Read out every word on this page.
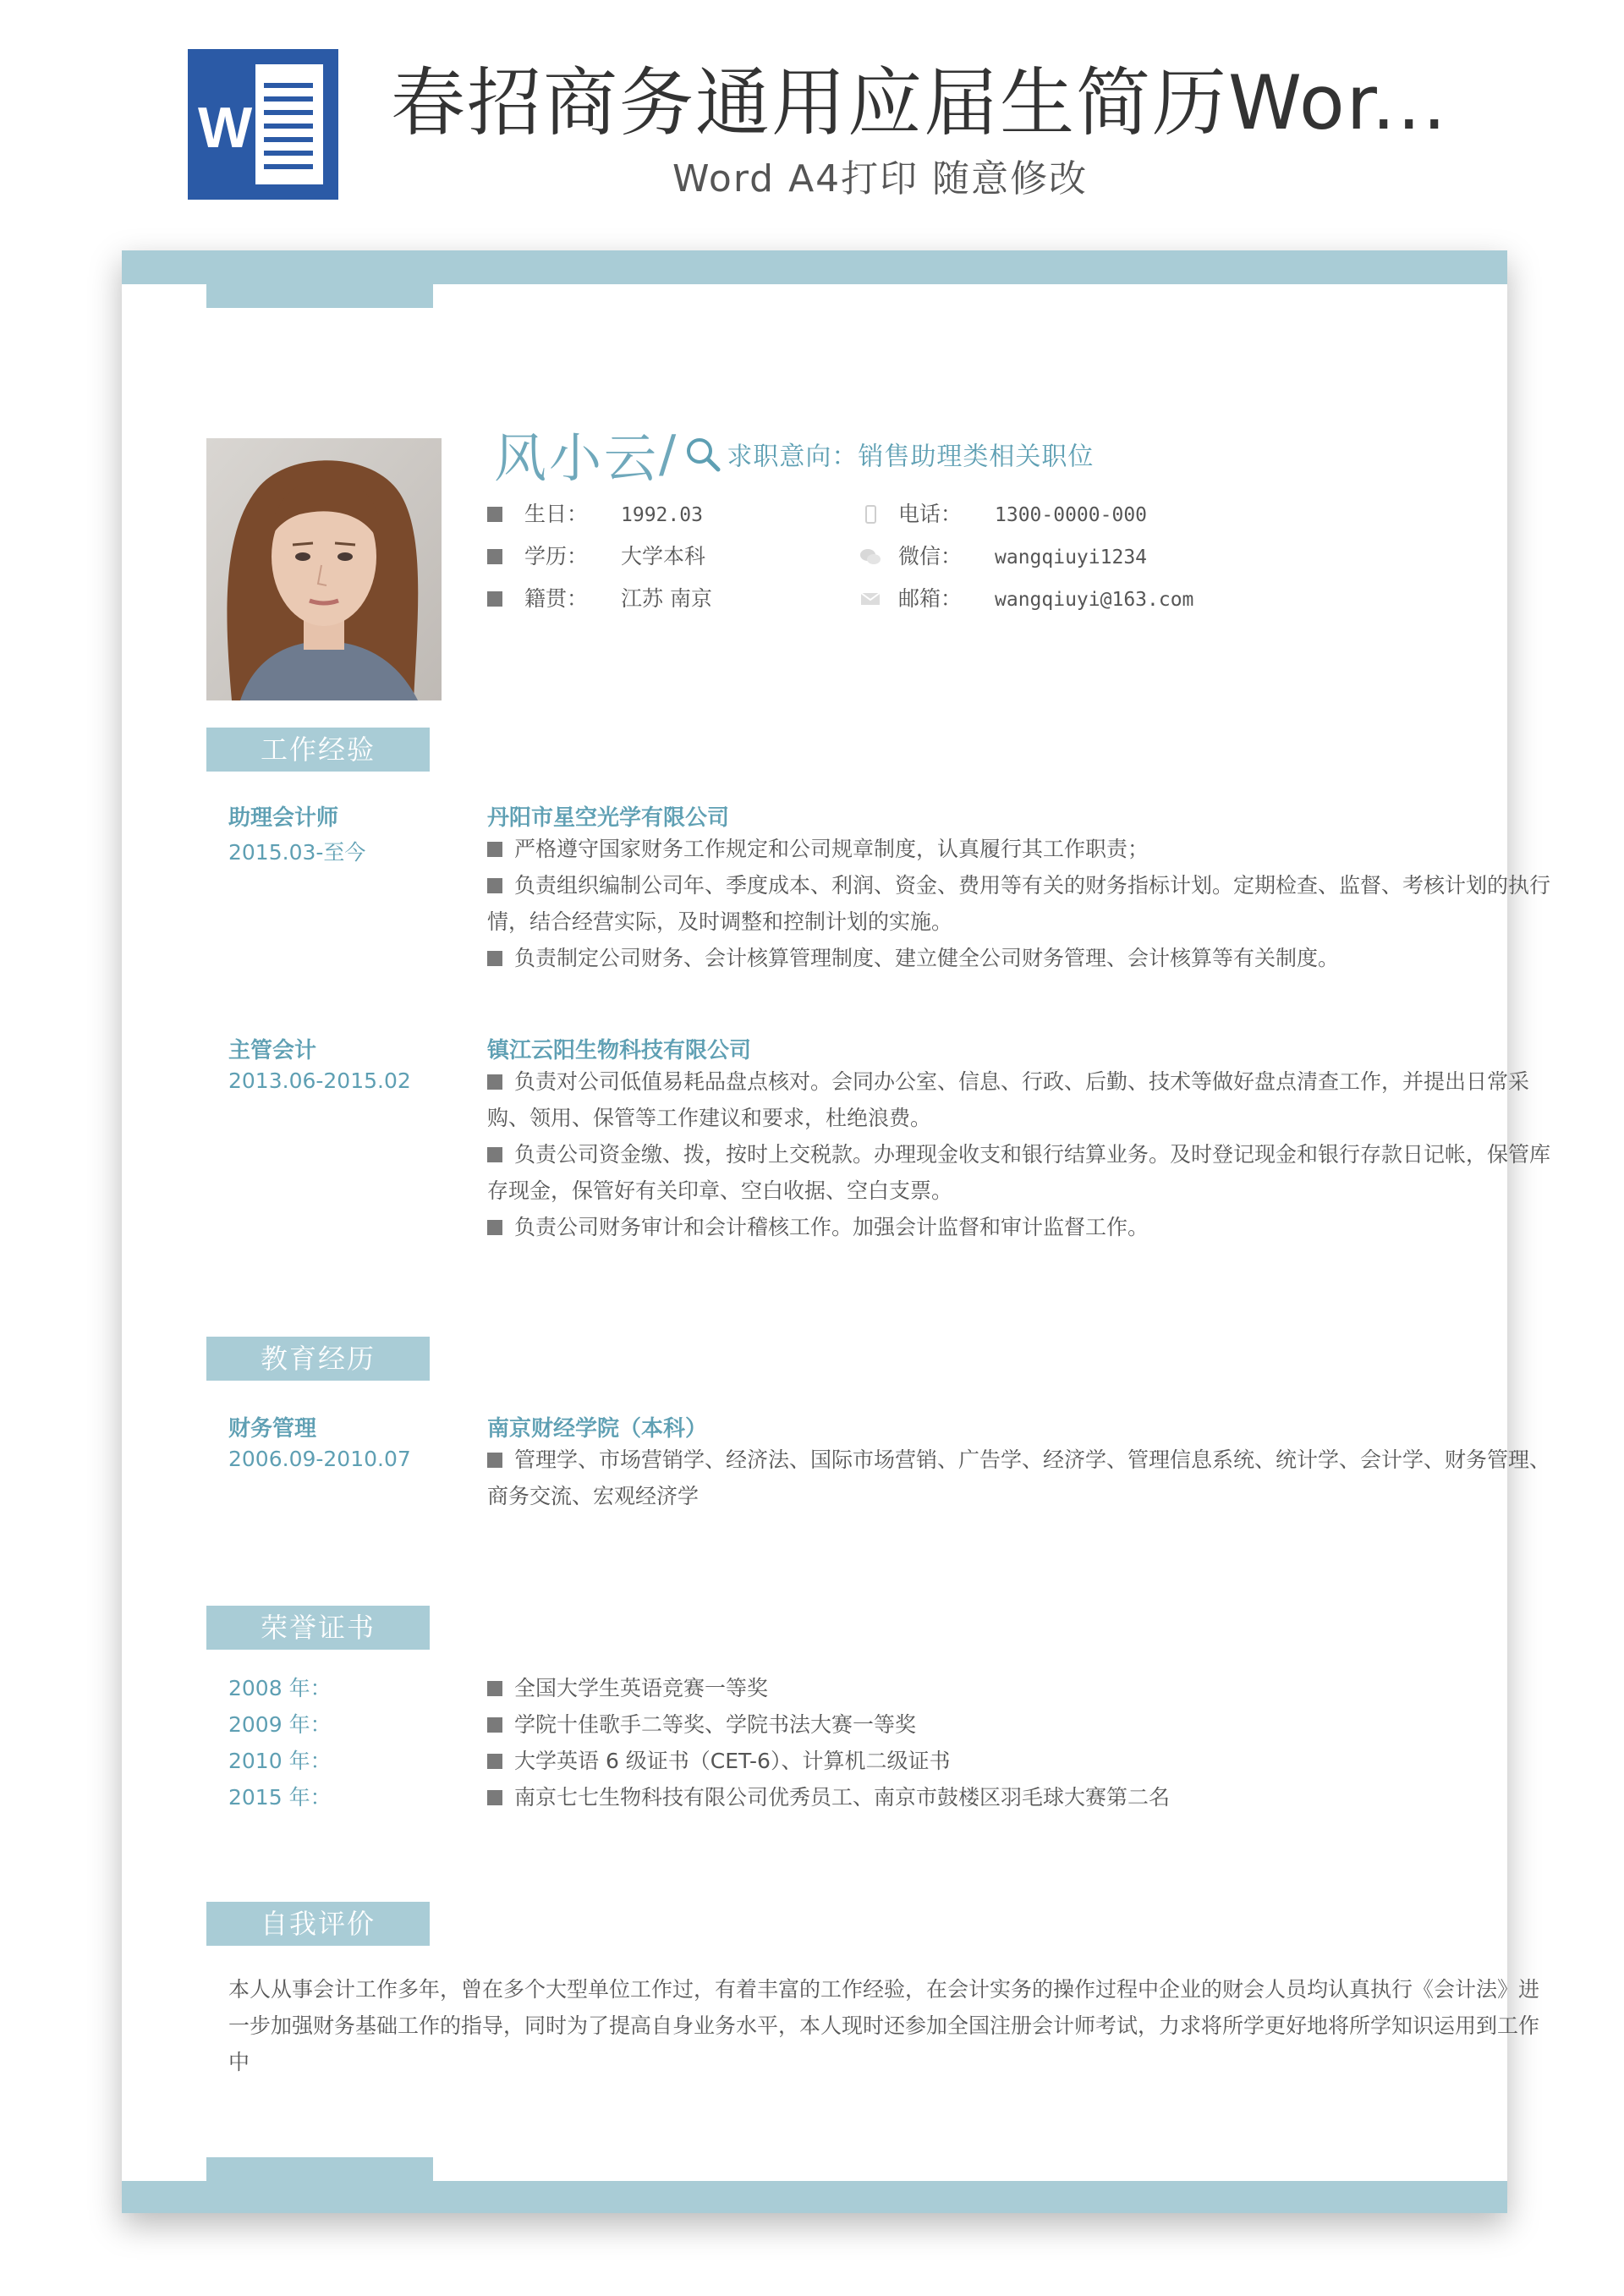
W 春招商务通用应届生简历Wor...
Word A4打印 随意修改
风小云/ 求职意向：销售助理类相关职位
生日： 1992.03
学历： 大学本科
籍贯： 江苏 南京
电话： 1300-0000-000
微信： wangqiuyi1234
邮箱： wangqiuyi@163.com
工作经验
助理会计师
2015.03-至今
丹阳市星空光学有限公司

严格遵守国家财务工作规定和公司规章制度，认真履行其工作职责；

负责组织编制公司年、季度成本、利润、资金、费用等有关的财务指标计划。定期检查、监督、考核计划的执行情，结合经营实际，及时调整和控制计划的实施。

负责制定公司财务、会计核算管理制度、建立健全公司财务管理、会计核算等有关制度。

主管会计
2013.06-2015.02
镇江云阳生物科技有限公司

负责对公司低值易耗品盘点核对。会同办公室、信息、行政、后勤、技术等做好盘点清查工作，并提出日常采购、领用、保管等工作建议和要求，杜绝浪费。

负责公司资金缴、拨，按时上交税款。办理现金收支和银行结算业务。及时登记现金和银行存款日记帐，保管库存现金，保管好有关印章、空白收据、空白支票。

负责公司财务审计和会计稽核工作。加强会计监督和审计监督工作。

教育经历
财务管理
2006.09-2010.07
南京财经学院（本科）

管理学、市场营销学、经济法、国际市场营销、广告学、经济学、管理信息系统、统计学、会计学、财务管理、商务交流、宏观经济学

荣誉证书
2008 年：
2009 年：
2010 年：
2015 年：

全国大学生英语竞赛一等奖

学院十佳歌手二等奖、学院书法大赛一等奖

大学英语 6 级证书（CET-6）、计算机二级证书

南京七七生物科技有限公司优秀员工、南京市鼓楼区羽毛球大赛第二名

自我评价
本人从事会计工作多年，曾在多个大型单位工作过，有着丰富的工作经验，在会计实务的操作过程中企业的财会人员均认真执行《会计法》进一步加强财务基础工作的指导，同时为了提高自身业务水平，本人现时还参加全国注册会计师考试，力求将所学更好地将所学知识运用到工作中
